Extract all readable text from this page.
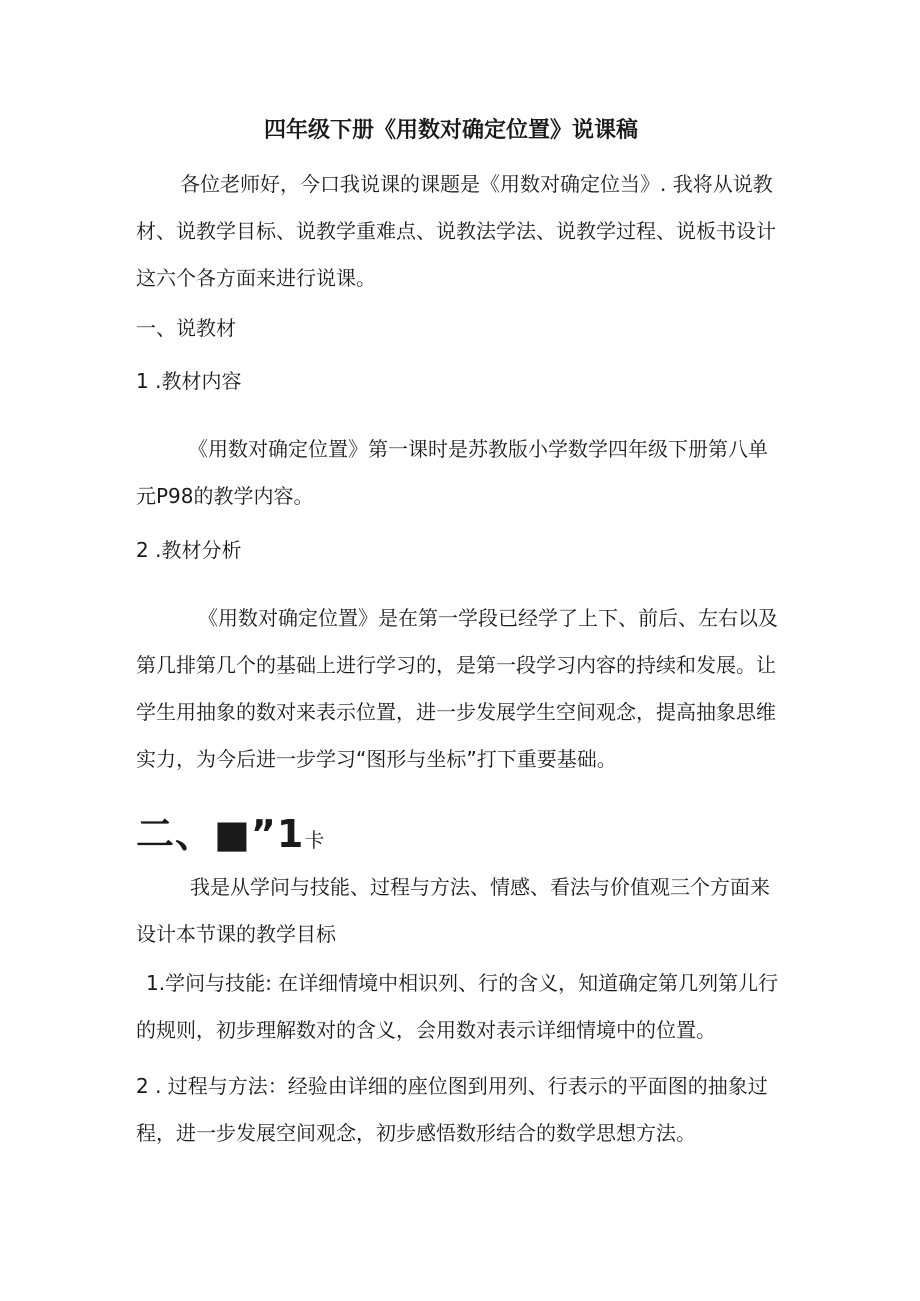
四年级下册《用数对确定位置》说课稿
各位老师好，今口我说课的课题是《用数对确定位当》. 我将从说教
材、说教学目标、说教学重难点、说教法学法、说教学过程、说板书设计
这六个各方面来进行说课。
一、说教材
1 .教材内容
《用数对确定位置》第一课时是苏教版小学数学四年级下册第八单
元P98的教学内容。
2 .教材分析
《用数对确定位置》是在第一学段已经学了上下、前后、左右以及
第几排第几个的基础上进行学习的，是第一段学习内容的持续和发展。让
学生用抽象的数对来表示位置，进一步发展学生空间观念，提高抽象思维
实力，为今后进一步学习“图形与坐标”打下重要基础。
二、■”1卡
我是从学问与技能、过程与方法、情感、看法与价值观三个方面来
设计本节课的教学目标
1.学问与技能: 在详细情境中相识列、行的含义，知道确定第几列第儿行
的规则，初步理解数对的含义，会用数对表示详细情境中的位置。
2 . 过程与方法：经验由详细的座位图到用列、行表示的平面图的抽象过
程，进一步发展空间观念，初步感悟数形结合的数学思想方法。
